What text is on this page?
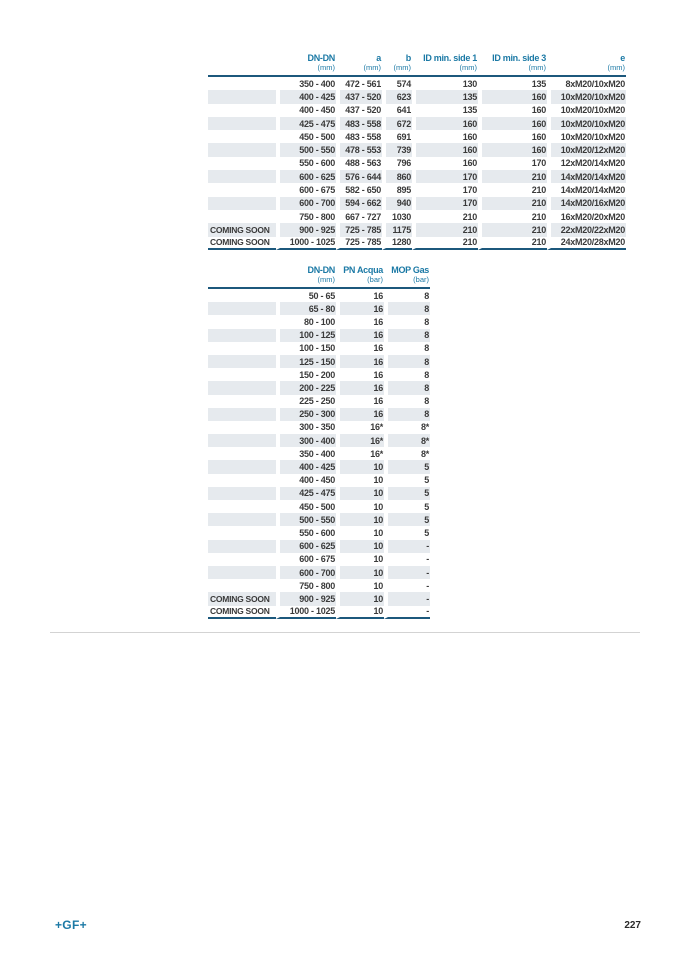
	DN-DN	a	b	ID min. side 1	ID min. side 3	e
	(mm)	(mm)	(mm)	(mm)	(mm)	(mm)
	350 - 400	472 - 561	574	130	135	8xM20/10xM20
	400 - 425	437 - 520	623	135	160	10xM20/10xM20
	400 - 450	437 - 520	641	135	160	10xM20/10xM20
	425 - 475	483 - 558	672	160	160	10xM20/10xM20
	450 - 500	483 - 558	691	160	160	10xM20/10xM20
	500 - 550	478 - 553	739	160	160	10xM20/12xM20
	550 - 600	488 - 563	796	160	170	12xM20/14xM20
	600 - 625	576 - 644	860	170	210	14xM20/14xM20
	600 - 675	582 - 650	895	170	210	14xM20/14xM20
	600 - 700	594 - 662	940	170	210	14xM20/16xM20
	750 - 800	667 - 727	1030	210	210	16xM20/20xM20
COMING SOON	900 - 925	725 - 785	1175	210	210	22xM20/22xM20
COMING SOON	1000 - 1025	725 - 785	1280	210	210	24xM20/28xM20
	DN-DN	PN Acqua	MOP Gas
	(mm)	(bar)	(bar)
	50 - 65	16	8
	65 - 80	16	8
	80 - 100	16	8
	100 - 125	16	8
	100 - 150	16	8
	125 - 150	16	8
	150 - 200	16	8
	200 - 225	16	8
	225 - 250	16	8
	250 - 300	16	8
	300 - 350	16*	8*
	300 - 400	16*	8*
	350 - 400	16*	8*
	400 - 425	10	5
	400 - 450	10	5
	425 - 475	10	5
	450 - 500	10	5
	500 - 550	10	5
	550 - 600	10	5
	600 - 625	10	-
	600 - 675	10	-
	600 - 700	10	-
	750 - 800	10	-
COMING SOON	900 - 925	10	-
COMING SOON	1000 - 1025	10	-
+GF+	227
